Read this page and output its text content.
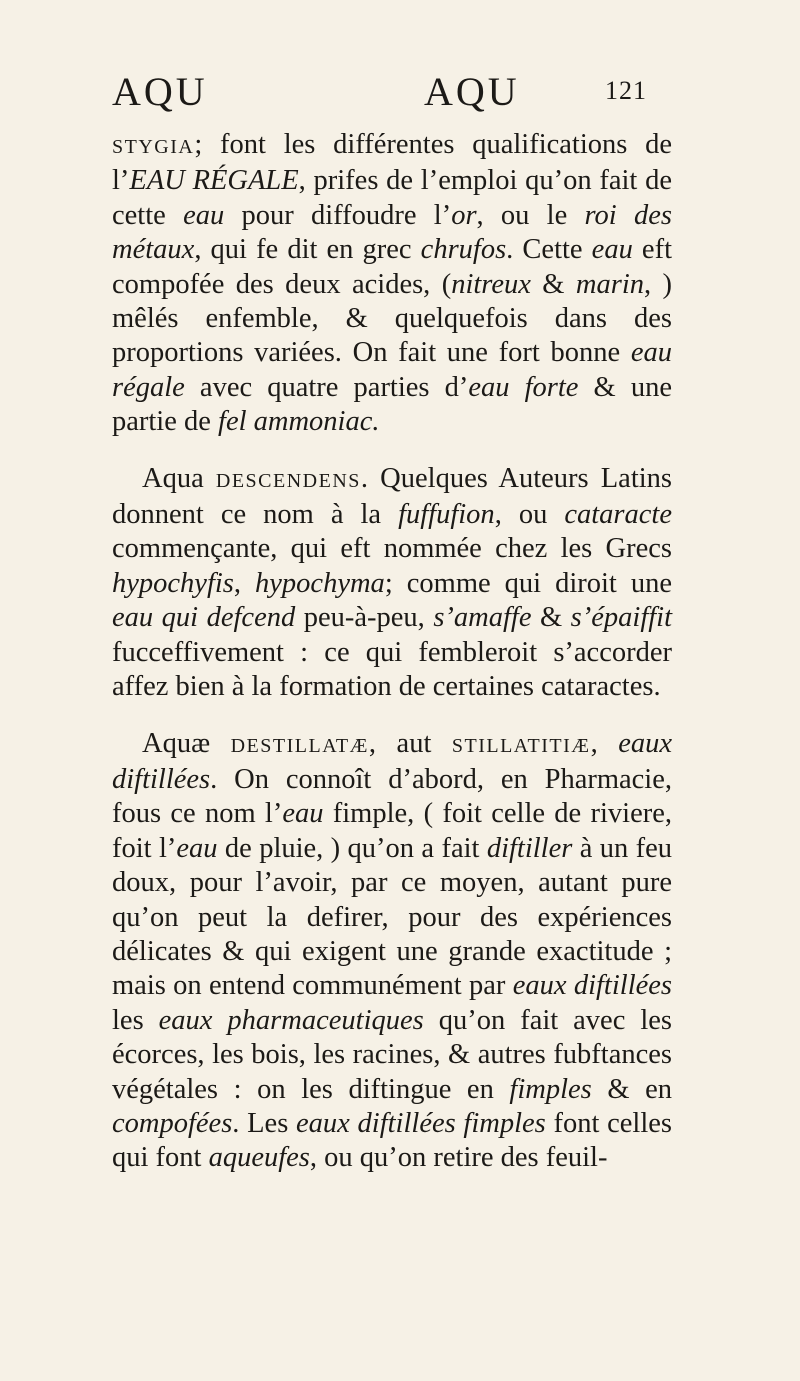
AQU	AQU	121

STYGIA; font les différentes qualifications de l’EAU RÉGALE, prifes de l’emploi qu’on fait de cette eau pour diffoudre l’or, ou le roi des métaux, qui fe dit en grec chrufos. Cette eau eft compofée des deux acides, (nitreux & marin, ) mêlés enfemble, & quelquefois dans des proportions variées. On fait une fort bonne eau régale avec quatre parties d’eau forte & une partie de fel ammoniac.

Aqua DESCENDENS. Quelques Auteurs Latins donnent ce nom à la fuffufion, ou cataracte commençante, qui eft nommée chez les Grecs hypochyfis, hypochyma; comme qui diroit une eau qui defcend peu-à-peu, s’amaffe & s’épaiffit fucceffivement : ce qui fembleroit s’accorder affez bien à la formation de certaines cataractes.

Aquæ DESTILLATÆ, aut STILLATITIÆ, eaux diftillées. On connoît d’abord, en Pharmacie, fous ce nom l’eau fimple, ( foit celle de riviere, foit l’eau de pluie, ) qu’on a fait diftiller à un feu doux, pour l’avoir, par ce moyen, autant pure qu’on peut la defirer, pour des expériences délicates & qui exigent une grande exactitude ; mais on entend communément par eaux diftillées les eaux pharmaceutiques qu’on fait avec les écorces, les bois, les racines, & autres fubftances végétales : on les diftingue en fimples & en compofées. Les eaux diftillées fimples font celles qui font aqueufes, ou qu’on retire des feuil-
